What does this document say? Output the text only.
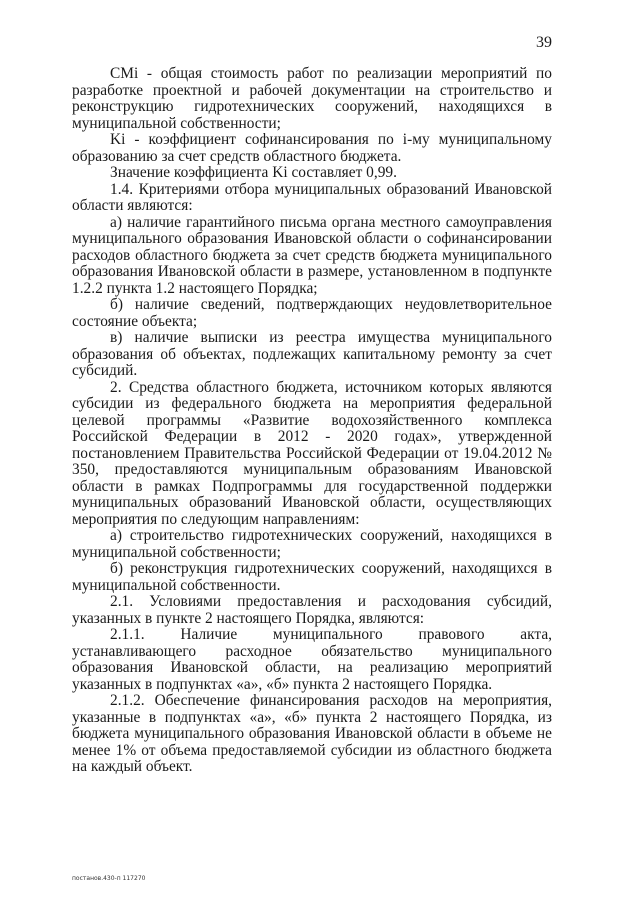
39

CMi - общая стоимость работ по реализации мероприятий по разработке проектной и рабочей документации на строительство и реконструкцию гидротехнических сооружений, находящихся в муниципальной собственности;

Ki - коэффициент софинансирования по i-му муниципальному образованию за счет средств областного бюджета.

Значение коэффициента Ki составляет 0,99.

1.4. Критериями отбора муниципальных образований Ивановской области являются:

а) наличие гарантийного письма органа местного самоуправления муниципального образования Ивановской области о софинансировании расходов областного бюджета за счет средств бюджета муниципального образования Ивановской области в размере, установленном в подпункте 1.2.2 пункта 1.2 настоящего Порядка;

б) наличие сведений, подтверждающих неудовлетворительное состояние объекта;

в) наличие выписки из реестра имущества муниципального образования об объектах, подлежащих капитальному ремонту за счет субсидий.

2. Средства областного бюджета, источником которых являются субсидии из федерального бюджета на мероприятия федеральной целевой программы «Развитие водохозяйственного комплекса Российской Федерации в 2012 - 2020 годах», утвержденной постановлением Правительства Российской Федерации от 19.04.2012 № 350, предоставляются муниципальным образованиям Ивановской области в рамках Подпрограммы для государственной поддержки муниципальных образований Ивановской области, осуществляющих мероприятия по следующим направлениям:

а) строительство гидротехнических сооружений, находящихся в муниципальной собственности;

б) реконструкция гидротехнических сооружений, находящихся в муниципальной собственности.

2.1. Условиями предоставления и расходования субсидий, указанных в пункте 2 настоящего Порядка, являются:

2.1.1. Наличие муниципального правового акта, устанавливающего расходное обязательство муниципального образования Ивановской области, на реализацию мероприятий указанных в подпунктах «а», «б» пункта 2 настоящего Порядка.

2.1.2. Обеспечение финансирования расходов на мероприятия, указанные в подпунктах «а», «б» пункта 2 настоящего Порядка, из бюджета муниципального образования Ивановской области в объеме не менее 1% от объема предоставляемой субсидии из областного бюджета на каждый объект.

постанов.430-п 117270
